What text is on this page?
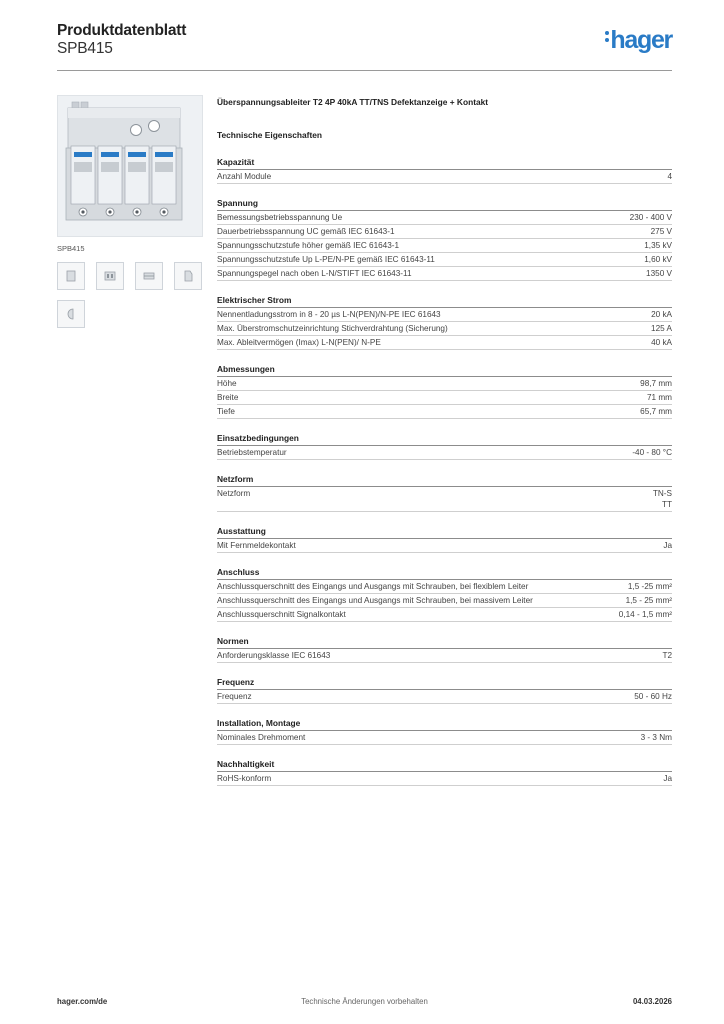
Produktdatenblatt
SPB415	hager
SPB415
Überspannungsableiter T2 4P 40kA TT/TNS Defektanzeige + Kontakt
Technische Eigenschaften
Kapazität
Anzahl Module	4
Spannung
Bemessungsbetriebsspannung Ue	230 - 400 V
Dauerbetriebsspannung UC gemäß IEC 61643-1	275 V
Spannungsschutzstufe höher gemäß IEC 61643-1	1,35 kV
Spannungsschutzstufe Up L-PE/N-PE gemäß IEC 61643-11	1,60 kV
Spannungspegel nach oben L-N/STIFT IEC 61643-11	1350 V
Elektrischer Strom
Nennentladungsstrom in 8 - 20 µs L-N(PEN)/N-PE IEC 61643	20 kA
Max. Überstromschutzeinrichtung Stichverdrahtung (Sicherung)	125 A
Max. Ableitvermögen (Imax) L-N(PEN)/ N-PE	40 kA
Abmessungen
Höhe	98,7 mm
Breite	71 mm
Tiefe	65,7 mm
Einsatzbedingungen
Betriebstemperatur	-40 - 80 °C
Netzform
Netzform	TN-S
TT
Ausstattung
Mit Fernmeldekontakt	Ja
Anschluss
Anschlussquerschnitt des Eingangs und Ausgangs mit Schrauben, bei flexiblem Leiter	1,5 -25 mm²
Anschlussquerschnitt des Eingangs und Ausgangs mit Schrauben, bei massivem Leiter	1,5 - 25 mm²
Anschlussquerschnitt Signalkontakt	0,14 - 1,5 mm²
Normen
Anforderungsklasse IEC 61643	T2
Frequenz
Frequenz	50 - 60 Hz
Installation, Montage
Nominales Drehmoment	3 - 3 Nm
Nachhaltigkeit
RoHS-konform	Ja
hager.com/de	Technische Änderungen vorbehalten	04.03.2026
